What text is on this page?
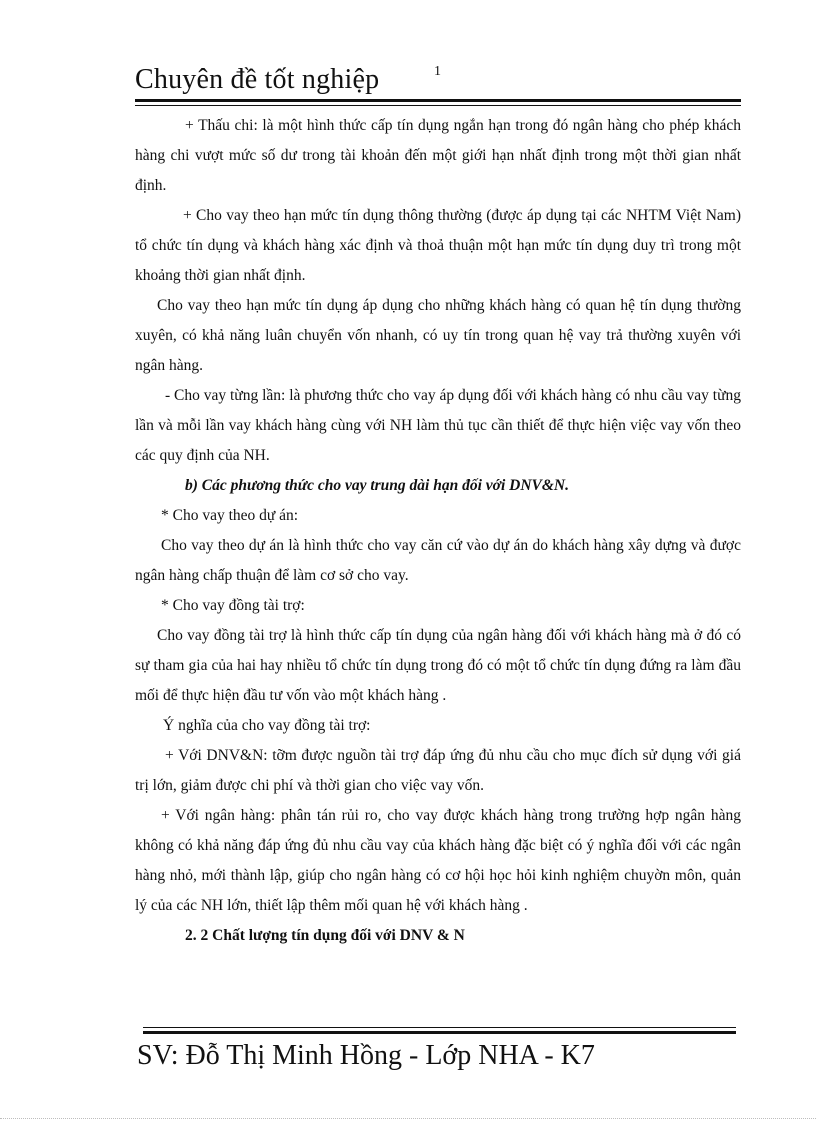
Chuyên đề tốt nghiệp	1

+ Thấu chi: là một hình thức cấp tín dụng ngắn hạn trong đó ngân hàng cho phép khách hàng chi vượt mức số dư trong tài khoản đến một giới hạn nhất định trong một thời gian nhất định.

+ Cho vay theo hạn mức tín dụng thông thường (được áp dụng tại các NHTM Việt Nam) tổ chức tín dụng và khách hàng xác định và thoả thuận một hạn mức tín dụng duy trì trong một khoảng thời gian nhất định.

Cho vay theo hạn mức tín dụng áp dụng cho những khách hàng có quan hệ tín dụng thường xuyên, có khả năng luân chuyển vốn nhanh, có uy tín trong quan hệ vay trả thường xuyên với ngân hàng.

- Cho vay từng lần: là phương thức cho vay áp dụng đối với khách hàng có nhu cầu vay từng lần và mỗi lần vay khách hàng cùng với NH làm thủ tục cần thiết để thực hiện việc vay vốn theo các quy định của NH.

b) Các phương thức cho vay trung dài hạn đối với DNV&N.

* Cho vay theo dự án:

Cho vay theo dự án là hình thức cho vay căn cứ vào dự án do khách hàng xây dựng và được ngân hàng chấp thuận để làm cơ sở cho vay.

* Cho vay đồng tài trợ:

Cho vay đồng tài trợ là hình thức cấp tín dụng của ngân hàng đối với khách hàng mà ở đó có sự tham gia của hai hay nhiều tổ chức tín dụng trong đó có một tổ chức tín dụng đứng ra làm đầu mối để thực hiện đầu tư vốn vào một khách hàng .

Ý nghĩa của cho vay đồng tài trợ:

+ Với DNV&N: tỡm được nguồn tài trợ đáp ứng đủ nhu cầu cho mục đích sử dụng với giá trị lớn, giảm được chi phí và thời gian cho việc vay vốn.

+ Với ngân hàng: phân tán rủi ro, cho vay được khách hàng trong trường hợp ngân hàng không có khả năng đáp ứng đủ nhu cầu vay của khách hàng đặc biệt có ý nghĩa đối với các ngân hàng nhỏ, mới thành lập, giúp cho ngân hàng có cơ hội học hỏi kinh nghiệm chuyờn môn, quản lý của các NH lớn, thiết lập thêm mối quan hệ với khách hàng .

2. 2 Chất lượng tín dụng đối với DNV & N

SV: Đỗ Thị Minh Hồng - Lớp NHA - K7
